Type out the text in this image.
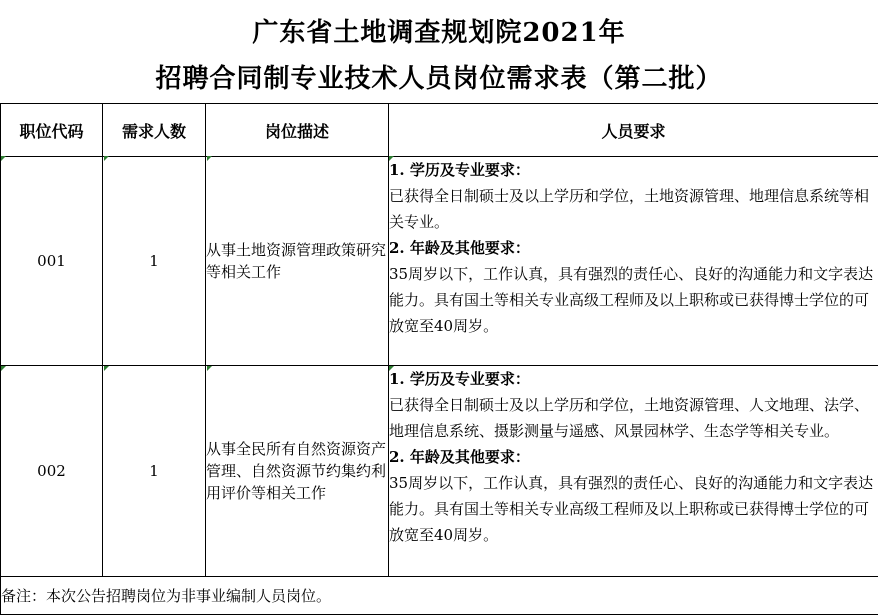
广东省土地调查规划院2021年
招聘合同制专业技术人员岗位需求表（第二批）
职位代码	需求人数	岗位描述	人员要求
001	1	从事土地资源管理政策研究等相关工作	1. 学历及专业要求：
已获得全日制硕士及以上学历和学位，土地资源管理、地理信息系统等相关专业。
2. 年龄及其他要求：
35周岁以下，工作认真，具有强烈的责任心、良好的沟通能力和文字表达能力。具有国土等相关专业高级工程师及以上职称或已获得博士学位的可放宽至40周岁。

002	1	从事全民所有自然资源资产管理、自然资源节约集约利用评价等相关工作	1. 学历及专业要求：
已获得全日制硕士及以上学历和学位，土地资源管理、人文地理、法学、地理信息系统、摄影测量与遥感、风景园林学、生态学等相关专业。
2. 年龄及其他要求：
35周岁以下，工作认真，具有强烈的责任心、良好的沟通能力和文字表达能力。具有国土等相关专业高级工程师及以上职称或已获得博士学位的可放宽至40周岁。

备注：本次公告招聘岗位为非事业编制人员岗位。			
